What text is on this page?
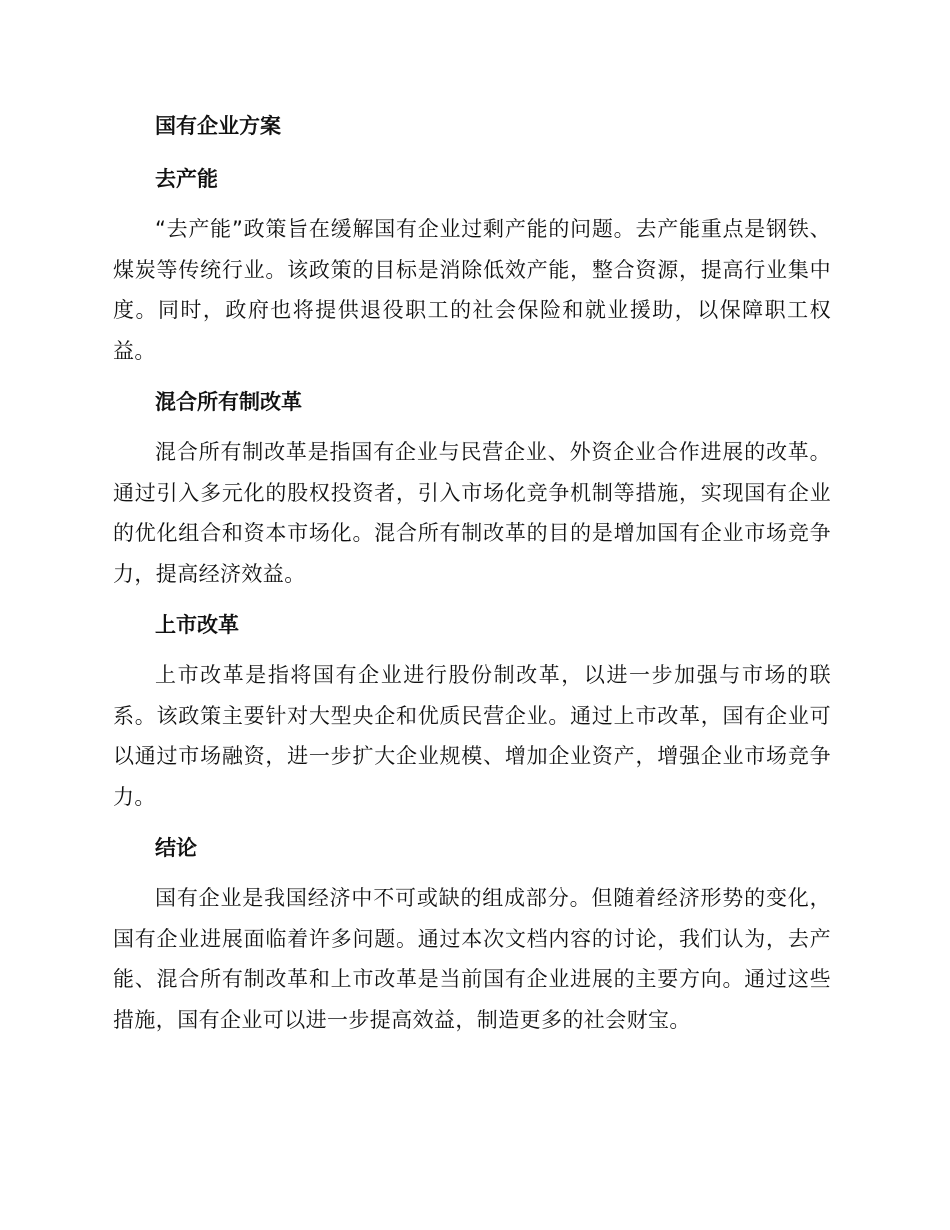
国有企业方案

去产能

“去产能”政策旨在缓解国有企业过剩产能的问题。去产能重点是钢铁、煤炭等传统行业。该政策的目标是消除低效产能，整合资源，提高行业集中度。同时，政府也将提供退役职工的社会保险和就业援助，以保障职工权益。

混合所有制改革

混合所有制改革是指国有企业与民营企业、外资企业合作进展的改革。通过引入多元化的股权投资者，引入市场化竞争机制等措施，实现国有企业的优化组合和资本市场化。混合所有制改革的目的是增加国有企业市场竞争力，提高经济效益。

上市改革

上市改革是指将国有企业进行股份制改革，以进一步加强与市场的联系。该政策主要针对大型央企和优质民营企业。通过上市改革，国有企业可以通过市场融资，进一步扩大企业规模、增加企业资产，增强企业市场竞争力。

结论

国有企业是我国经济中不可或缺的组成部分。但随着经济形势的变化，国有企业进展面临着许多问题。通过本次文档内容的讨论，我们认为，去产能、混合所有制改革和上市改革是当前国有企业进展的主要方向。通过这些措施，国有企业可以进一步提高效益，制造更多的社会财宝。
